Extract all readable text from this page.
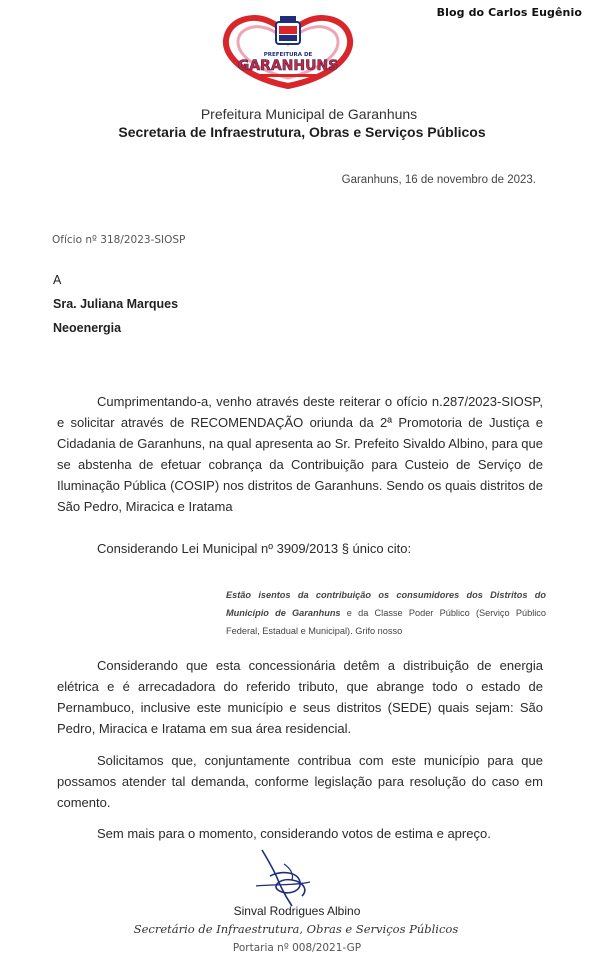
Blog do Carlos Eugênio
PREFEITURA DE
GARANHUNS
Prefeitura Municipal de Garanhuns
Secretaria de Infraestrutura, Obras e Serviços Públicos
Garanhuns, 16 de novembro de 2023.
Ofício nº 318/2023-SIOSP
A
Sra. Juliana Marques
Neoenergia

Cumprimentando-a, venho através deste reiterar o ofício n.287/2023-SIOSP, e solicitar através de RECOMENDAÇÃO oriunda da 2ª Promotoria de Justiça e Cidadania de Garanhuns, na qual apresenta ao Sr. Prefeito Sivaldo Albino, para que se abstenha de efetuar cobrança da Contribuição para Custeio de Serviço de Iluminação Pública (COSIP) nos distritos de Garanhuns. Sendo os quais distritos de São Pedro, Miracica e Iratama

Considerando Lei Municipal nº 3909/2013 § único cito:

Estão isentos da contribuição os consumidores dos Distritos do Município de Garanhuns e da Classe Poder Público (Serviço Público Federal, Estadual e Municipal). Grifo nosso

Considerando que esta concessionária detêm a distribuição de energia elétrica e é arrecadadora do referido tributo, que abrange todo o estado de Pernambuco, inclusive este município e seus distritos (SEDE) quais sejam: São Pedro, Miracica e Iratama em sua área residencial.

Solicitamos que, conjuntamente contribua com este município para que possamos atender tal demanda, conforme legislação para resolução do caso em comento.

Sem mais para o momento, considerando votos de estima e apreço.

Sinval Rodrigues Albino
Secretário de Infraestrutura, Obras e Serviços Públicos
Portaria nº 008/2021-GP
